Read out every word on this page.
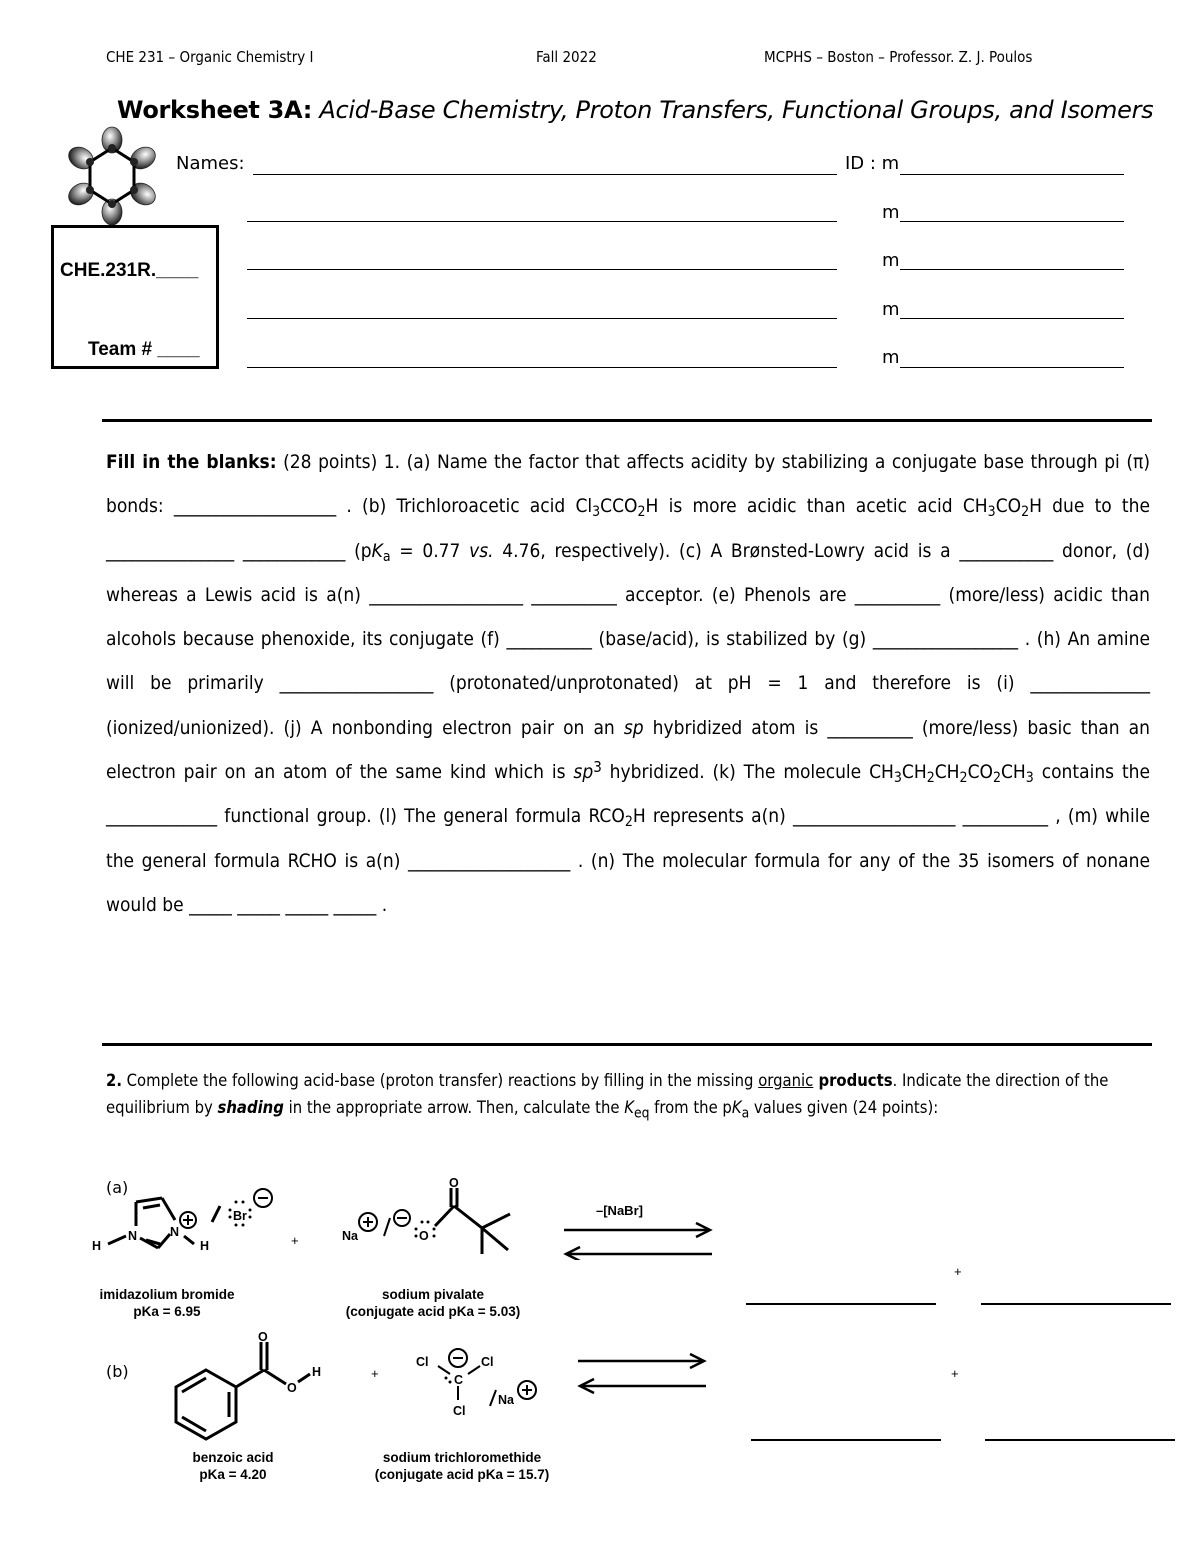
CHE 231 – Organic Chemistry I	Fall 2022	MCPHS – Boston – Professor. Z. J. Poulos
Worksheet 3A: Acid-Base Chemistry, Proton Transfers, Functional Groups, and Isomers
Names:	ID : m
m
m
m
m
CHE.231R.____
Team # ____
Fill in the blanks: (28 points) 1. (a) Name the factor that affects acidity by stabilizing a conjugate base through pi (π) bonds: ___________________ . (b) Trichloroacetic acid $Cl_3CCO_2H$ is more acidic than acetic acid $CH_3CO_2H$ due to the _______________ ____________ ($pK_a = 0.77$ vs. 4.76, respectively). (c) A Brønsted-Lowry acid is a ___________ donor, (d) whereas a Lewis acid is a(n) __________________ __________ acceptor. (e) Phenols are __________ (more/less) acidic than alcohols because phenoxide, its conjugate (f) __________ (base/acid), is stabilized by (g) _________________ . (h) An amine will be primarily __________________ (protonated/unprotonated) at pH = 1 and therefore is (i) ______________ (ionized/unionized). (j) A nonbonding electron pair on an sp hybridized atom is __________ (more/less) basic than an electron pair on an atom of the same kind which is $sp^3$ hybridized. (k) The molecule $CH_3CH_2CH_2CO_2CH_3$ contains the _____________ functional group. (l) The general formula $RCO_2H$ represents a(n) ___________________ __________ , (m) while the general formula RCHO is a(n) ___________________ . (n) The molecular formula for any of the 35 isomers of nonane would be _____ _____ _____ _____ .
2. Complete the following acid-base (proton transfer) reactions by filling in the missing organic products. Indicate the direction of the equilibrium by shading in the appropriate arrow. Then, calculate the $K_{eq}$ from the $pK_a$ values given (24 points):
(a)
H
N	N
H
Br
+	Na	O
O
imidazolium bromide
pKa = 6.95
sodium pivalate
(conjugate acid pKa = 5.03)
–[NaBr]
+
(b)
O
O
H	+
Cl	Cl
C
Cl
Na
benzoic acid
pKa = 4.20
sodium trichloromethide
(conjugate acid pKa = 15.7)
+
